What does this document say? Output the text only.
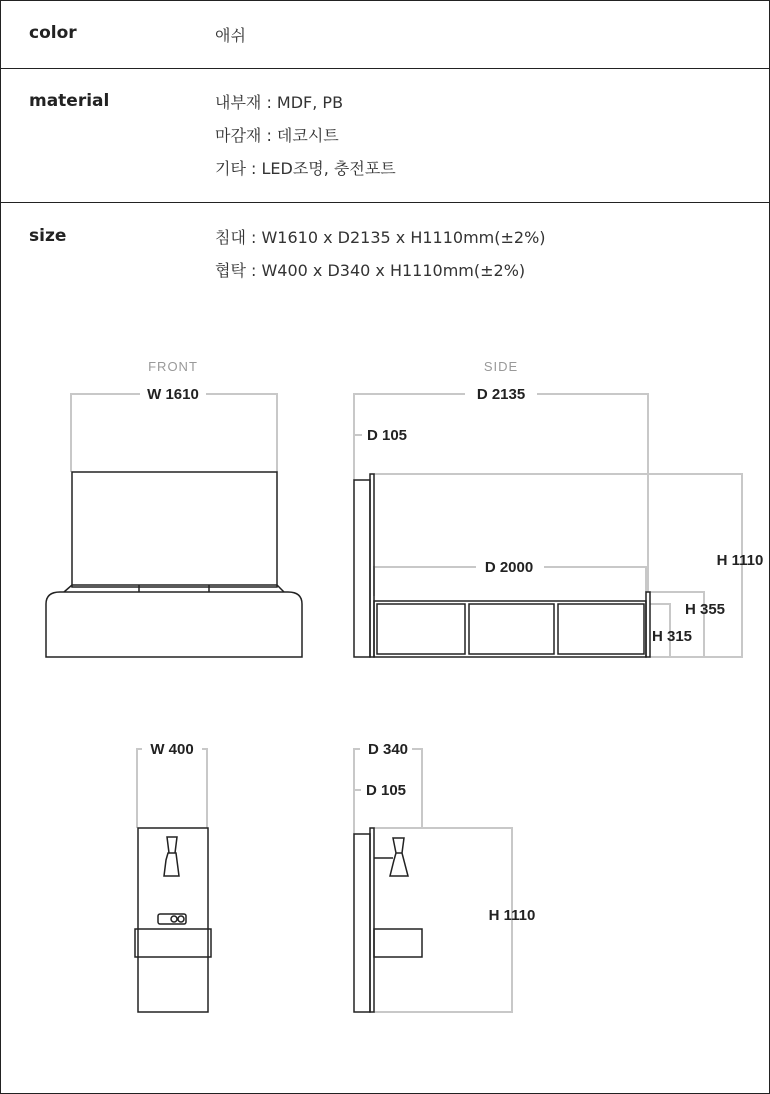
color	애쉬
material	내부재 : MDF, PB
마감재 : 데코시트
기타 : LED조명, 충전포트
size	침대 : W1610 x D2135 x H1110mm(±2%)
협탁 : W400 x D340 x H1110mm(±2%)
FRONT
W 1610
SIDE
D 2135
D 105
D 2000	H 1110
H 355
H 315
W 400	D 340
D 105
H 1110
